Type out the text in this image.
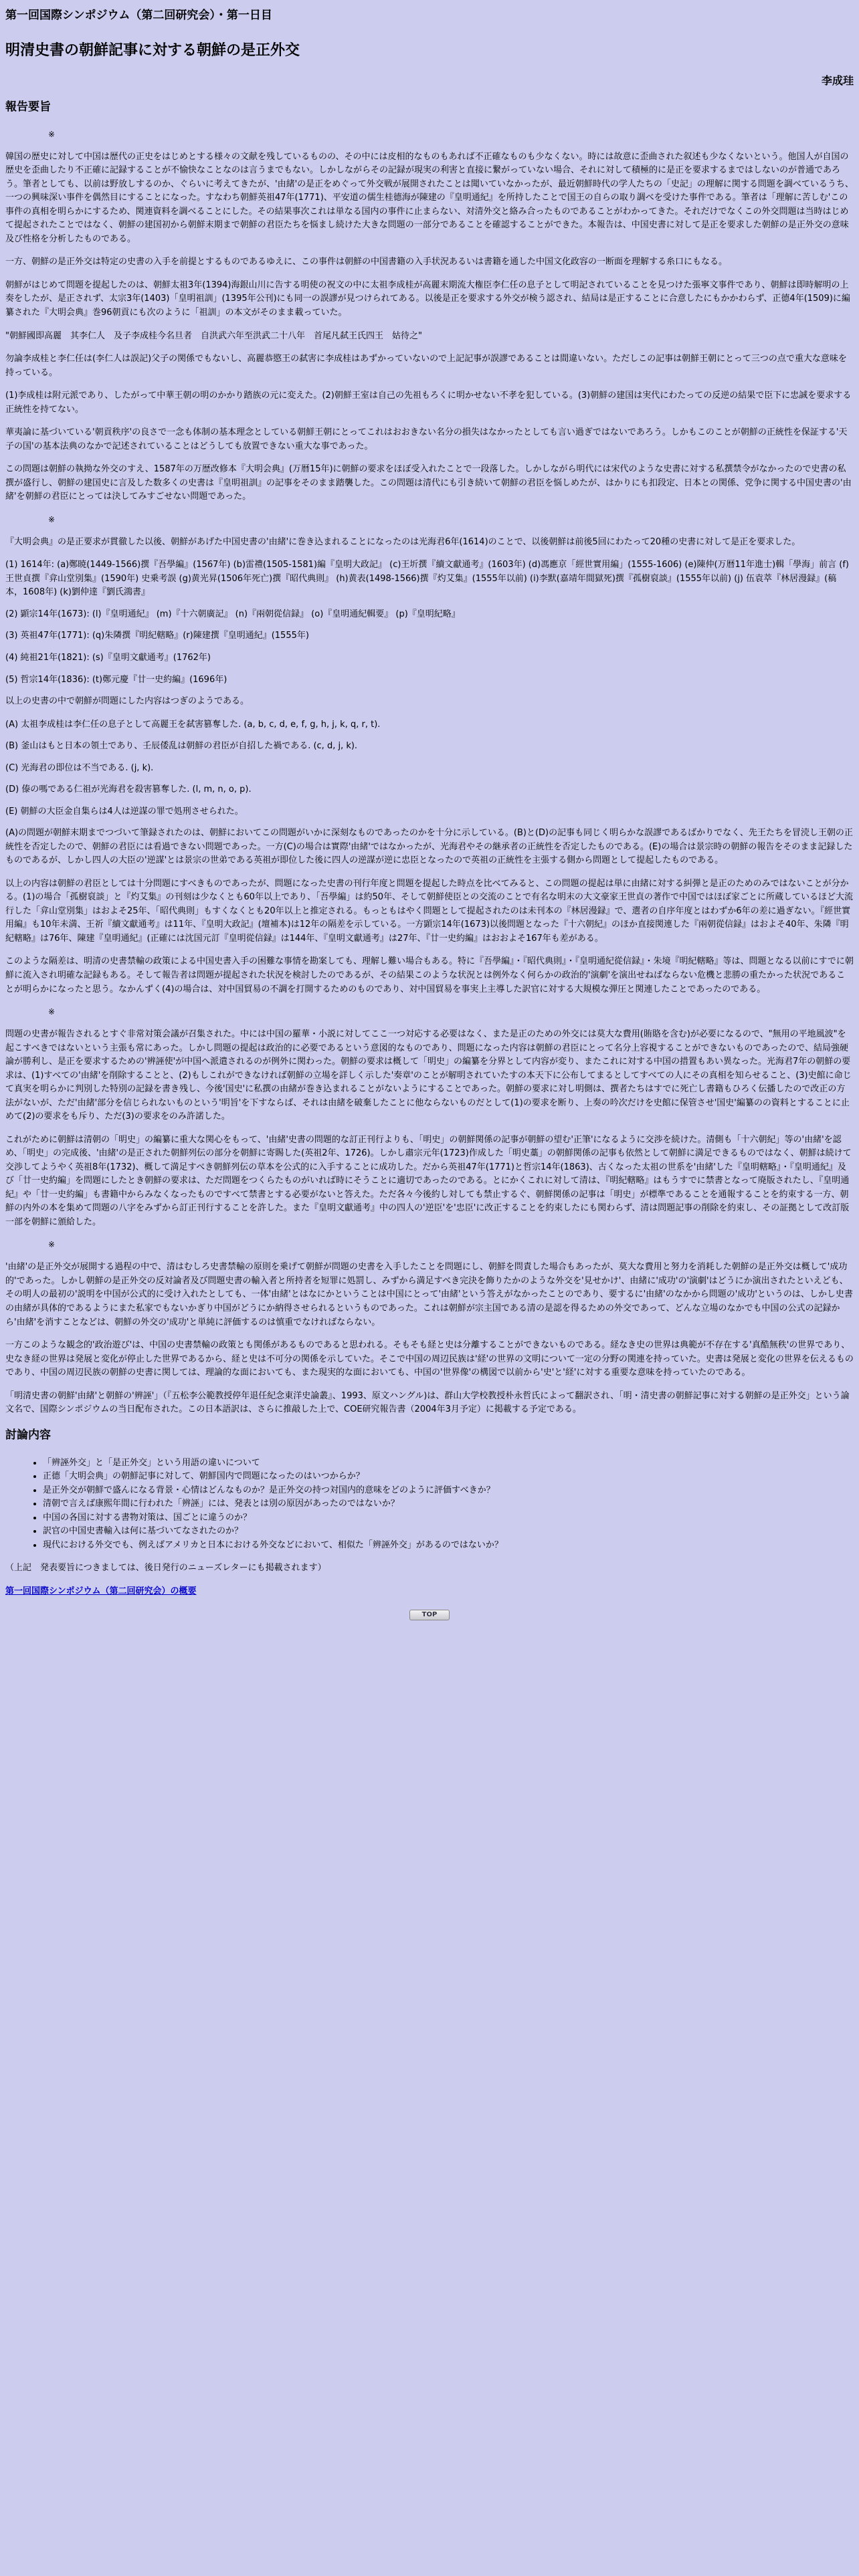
第一回国際シンポジウム（第二回研究会）・第一日目
明清史書の朝鮮記事に対する朝鮮の是正外交
李成珪
報告要旨
※

韓国の歴史に対して中国は歴代の正史をはじめとする様々の文献を残しているものの、その中には皮相的なものもあれば不正確なものも少なくない。時には故意に歪曲された叙述も少なくないという。他国人が自国の歴史を歪曲したり不正確に記録することが不愉快なことなのは言うまでもない。しかしながらその記録が現実の利害と直接に繋がっていない場合、それに対して積極的に是正を要求するまではしないのが普通であろう。筆者としても、以前は野放しするのか、ぐらいに考えてきたが、'由緒'の是正をめぐって外交戦が展開されたことは聞いていなかったが、最近朝鮮時代の学人たちの「史記」の理解に関する問題を調べているうち、一つの興味深い事件を偶然目にすることになった。すなわち朝鮮英祖47年(1771)、平安道の儒生桂德海が陳建の『皇明通紀』を所持したことで国王の自らの取り調べを受けた事件である。筆者は「理解に苦しむ'この事件の真相を明らかにするため、関連資料を調べることにした。その結果事次これは単なる国内の事件に止まらない、対清外交と絡み合ったものであることがわかってきた。それだけでなくこの外交問題は当時はじめて提起されたことではなく、朝鮮の建国初から朝鮮末期まで朝鮮の君臣たちを悩まし続けた大きな問題の一部分であることを確認することができた。本報告は、中国史書に対して是正を要求した朝鮮の是正外交の意味及び性格を分析したものである。

一方、朝鮮の是正外交は特定の史書の入手を前提とするものであるゆえに、この事件は朝鮮の中国書籍の入手状況あるいは書籍を通した中国文化政容の一断面を理解する糸口にもなる。

朝鮮がはじめて問題を提起したのは、朝鮮太祖3年(1394)海銀山川に告する明使の祝文の中に太祖李成桂が高麗末期流大権臣李仁任の息子として明記されていることを見つけた張寧文事件であり、朝鮮は即時解明の上奏をしたが、是正されず、太宗3年(1403)「皇明祖訓」(1395年公刊)にも同一の誤謬が見つけられてある。以後是正を要求する外交が検う認され、結局は是正することに合意したにもかかわらず、正德4年(1509)に編纂された『大明会典』巻96朝貢にも次のように「祖訓」の本文がそのまま載っていた。

"朝鮮國即高麗　其李仁人　及子李成桂今名旦者　自洪武六年至洪武二十八年　首尾凡弑王氏四王　姑待之"

勿論李成桂と李仁任は(李仁人は誤記)父子の関係でもないし、高麗恭愍王の弑害に李成桂はあずかっていないので上記記事が誤謬であることは間違いない。ただしこの記事は朝鮮王朝にとって三つの点で重大な意味を持っている。

(1)李成桂は附元派であり、したがって中華王朝の明のかかり踏族の元に変えた。(2)朝鮮王室は自己の先祖もろくに明かせない不孝を犯している。(3)朝鮮の建国は実代にわたっての反逆の結果で臣下に忠誠を要求する正統性を持てない。

華夷論に基づいている'朝貢秩序'の良さで一念も体制の基本理念としている朝鮮王朝にとってこれはおおきない名分の損失はなかったとしても言い過ぎではないであろう。しかもこのことが朝鮮の正統性を保証する'天子の国'の基本法典のなかで記述されていることはどうしても放置できない重大な事であった。

この問題は朝鮮の執拗な外交のすえ、1587年の万歴改修本『大明会典』(万暦15年)に朝鮮の要求をほぼ受入れたことで一段落した。しかしながら明代には宋代のような史書に対する私撰禁令がなかったので史書の私撰が盛行し、朝鮮の建国史に言及した数多くの史書は『皇明祖訓』の記事をそのまま踏襲した。この問題は清代にも引き続いて朝鮮の君臣を悩しめたが、はかりにも扣段定、日本との関係、党争に関する中国史書の'由緒'を朝鮮の君臣にとっては決してみすごせない問題であった。

※

『大明会典』の是正要求が貫徹した以後、朝鮮があげた中国史書の'由緒'に巻き込まれることになったのは光海君6年(1614)のことで、以後朝鮮は前後5回にわたって20種の史書に対して是正を要求した。

(1) 1614年: (a)鄭暁(1449-1566)撰『吾學編』(1567年) (b)雷禮(1505-1581)編『皇明大政記』 (c)王圻撰『續文獻通考』(1603年) (d)馮應京「經世實用編」(1555-1606) (e)陳仲(万暦11年進士)輯「學海」前言 (f)王世貞撰『弇山堂別集』(1590年) 史乗考誤 (g)黄光昇(1506年死亡)撰『昭代典則』 (h)黄表(1498-1566)撰『灼艾集』(1555年以前) (i)李默(嘉靖年間獄死)撰『孤樹裒談』(1555年以前) (j) 伍袁萃『林居漫録』(稿本，1608年) (k)劉仲達『劉氏鴻書』

(2) 顕宗14年(1673): (l)『皇明通紀』 (m)『十六朝廣記』 (n)『兩朝從信録』 (o)『皇明通紀輯要』 (p)『皇明紀略』

(3) 英祖47年(1771): (q)朱隣撰『明紀轄略』(r)陳建撰『皇明通紀』(1555年)

(4) 純祖21年(1821): (s)『皇明文獻通考』(1762年)

(5) 哲宗14年(1836): (t)鄭元慶『廿一史約編』(1696年)

以上の史書の中で朝鮮が問題にした内容はつぎのようである。

(A) 太祖李成桂は李仁任の息子として高麗王を弑害篡奪した. (a, b, c, d, e, f, g, h, j, k, q, r, t).

(B) 釜山はもと日本の領土であり、壬辰倭乱は朝鮮の君臣が自招した禍である. (c, d, j, k).

(C) 光海君の即位は不当である. (j, k).

(D) 傣の嗎である仁祖が光海君を殺害篡奪した. (l, m, n, o, p).

(E) 朝鮮の大臣金自集らは4人は逆謀の罪で処刑させられた。

(A)の問題が朝鮮末期までつづいて筆録されたのは、朝鮮においてこの問題がいかに深刻なものであったのかを十分に示している。(B)と(D)の記事も同じく明らかな誤謬であるばかりでなく、先王たちを冒涜し王朝の正統性を否定したので、朝鮮の君臣には看過できない問題であった。一方(C)の場合は實際'由緒'ではなかったが、光海君やその継承者の正統性を否定したものである。(E)の場合は景宗時の朝鮮の報告をそのまま記録したものであるが、しかし四人の大臣の'逆謀'とは景宗の世弟である英祖が即位した後に四人の逆謀が逆に忠臣となったので英祖の正統性を主張する側から問題として提起したものである。

以上の内容は朝鮮の君臣としては十分問題にすべきものであったが、問題になった史書の刊行年度と問題を提起した時点を比べてみると、この問題の提起は単に由緒に対する糾弾と是正のためのみではないことが分かる。(1)の場合「孤樹裒談」と『灼艾集』の刊刻は少なくとも60年以上であり、「吾學編」は約50年、そして朝鮮使臣との交流のことで有名な明末の大文豪家王世貞の著作で中国ではほぼ家ごとに所蔵しているほど大流行した「弇山堂別集」はおよそ25年、「昭代典則」もすくなくとも20年以上と推定される。もっともはやく問題として提起されたのは未刊本の『林居漫録』で、選者の自序年度とはわずか6年の差に過ぎない。『經世實用編』も10年未満、王祈『續文獻通考』は11年、『皇明大政記』(壇補本)は12年の隔差を示している。一方顕宗14年(1673)以後問題となった『十六朝紀』のほか直接関連した『兩朝從信録』はおよそ40年、朱隣『明紀轄略』は76年、陳建『皇明通紀』(正確には沈国元訂『皇明從信録』は144年、『皇明文獻通考』は27年、『廿一史約編』はおおよそ167年も差がある。

このような隔差は、明清の史書禁輸の政策による中国史書入手の困難な事情を勘案しても、理解し難い場合もある。特に『吾學編』・『昭代典則』・『皇明通紀從信録』・朱境『明紀轄略』等は、問題となる以前にすでに朝鮮に流入され明確な記録もある。そして報告者は問題が提起された状況を検討したのであるが、その結果このような状況とは例外なく何らかの政治的'演劇'を演出せねばならない危機と悲勝の重たかった状況であることが明らかになったと思う。なかんずく(4)の場合は、対中国貿易の不調を打開するためのものであり、対中国貿易を事実上主導した訳官に対する大規模な弾圧と関連したことであったのである。

※

問題の史書が報告されるとすぐ非常対策会議が召集された。中には中国の羅華・小説に対してここ一つ対応する必要はなく、また是正のための外交には莫大な費用(賄賂を含む)が必要になるので、"無用の平地風波"を起こすべきではないという主張も常にあった。しかし問題の提起は政治的に必要であるという意図的なものであり、問題になった内容は朝鮮の君臣にとって名分上容視することができないものであったので、結局強硬論が勝利し、是正を要求するための'辨誣使'が中国へ派遣されるのが例外に関わった。朝鮮の要求は概して「明史」の編纂を分界として内容が変り、またこれに対する中国の措置もあい異なった。光海君7年の朝鮮の要求は、(1)すべての'由緒'を削除することと、(2)もしこれができなければ朝鮮の立場を詳しく示した'奏章'のことが解明されていたすの本天下に公布してまるとしてすべての人にその真相を知らせること、(3)史館に命じて真実を明らかに判別した特別の記録を書き残し、今後'国史'に私撰の由緒が巻き込まれることがないようにすることであった。朝鮮の要求に対し明側は、撰者たちはすでに死亡し書籍もひろく伝播したので改正の方法がないが、ただ'由緒'部分を信じられないものという'明旨'を下すならば、それは由緒を破棄したことに他ならないものだとして(1)の要求を断り、上奏の吟次だけを史館に保管させ'国史'編纂のの資料とすることに止めて(2)の要求をも斥り、ただ(3)の要求をのみ許諾した。

これがために朝鮮は清朝の「明史」の編纂に重大な関心をもって、'由緒'史書の問題的な訂正刊行よりも、「明史」の朝鮮関係の記事が朝鮮の望む'正筆'になるように交渉を続けた。清側も「十六朝紀」等の'由緒'を認め、「明史」の完成後、'由緒'の是正された朝鮮列伝の部分を朝鮮に寄賜した(英祖2年、1726)。しかし肅宗元年(1723)作成した「明史藁」の朝鮮関係の記事も依然として朝鮮に満足できるものではなく、朝鮮は続けて交渉してようやく英祖8年(1732)、概して満足すべき朝鮮列伝の草本を公式的に入手することに成功した。だから英祖47年(1771)と哲宗14年(1863)、古くなった太祖の世系を'由緒'した『皇明轄略』・『皇明通紀』及び「廿一史約編」を問題にしたとき朝鮮の要求は、ただ問題をつくらたものがいれば時にそうことに適切であったのである。とにかくこれに対して清は、『明紀轄略』はもうすでに禁書となって廃版されたし、『皇明通紀』や「廿一史約編」も書籍中からみなくなったものですべて禁書とする必要がないと答えた。ただ各々今後約し対しても禁止するぐ、朝鮮関係の記事は「明史」が標準であることを通報することを約束する一方、朝鮮の内外の本を集めて問題の八字をみずから訂正刊行することを許した。また『皇明文獻通考』中の四人の'逆臣'を'忠臣'に改正することを約束したにも関わらず、清は問題記事の削除を約束し、その証拠として改訂版一部を朝鮮に頒給した。

※

'由緒'の是正外交が展開する過程の中で、清はむしろ史書禁輸の原則を乗げて朝鮮が問題の史書を入手したことを問題にし、朝鮮を問責した場合もあったが、莫大な費用と努力を消耗した朝鮮の是正外交は概して'成功的'であった。しかし朝鮮の是正外交の反対論者及び問題史書の輸入者と所持者を短罪に処罰し、みずから満足すべき完決を飾りたかのような外交を'見せかけ'、由緒に'成功'の'演劇'はどうにか演出されたといえども、その明人の最初の'説明を中国が公式的に受け入れたとしても、一体'由緒'とはなにかということは中国にとって'由緒'という答えがなかったことのであり、要するに'由緒'のなかから問題の'成功'というのは、しかし史書の由緒が具体的であるようにまた私家でもないかぎり中国がどうにか納得させられるというものであった。これは朝鮮が宗主国である清の是認を得るための外交であって、どんな立場のなかでも中国の公式の記録から'由緒'を消すことなどは、朝鮮の外交の'成功'と単純に評価するのは慎重でなければならない。

一方このような観念的'政治遊び'は、中国の史書禁輸の政策とも関係があるものであると思われる。そもそも経と史は分離することができないものである。経なき史の世界は典範が不存在する'真酷無秩'の世界であり、史なき経の世界は発展と変化が停止した世界であるから、経と史は不可分の関係を示していた。そこで中国の周辺民族は'経'の世界の文明について一定の分野の関連を持っていた。史書は発展と変化の世界を伝えるものであり、中国の周辺民族の朝鮮の史書に関しては、理論的な面においても、また現実的な面においても、中国の'世界像'の構図で以前から'史'と'経'に対する重要な意味を持っていたのである。

「明清史書の朝鮮'由緒'と朝鮮の'辨誣'」（『五松李公範教授停年退任紀念東洋史論叢』、1993、原文ハングル)は、群山大学校教授朴永哲氏によって翻訳され、「明・清史書の朝鮮記事に対する朝鮮の是正外交」という論文名で、国際シンポジウムの当日配布された。この日本語訳は、さらに推敲した上で、COE研究報告書（2004年3月予定）に掲載する予定である。

討論内容
• 「辨誣外交」と「是正外交」という用語の違いについて
• 正德「大明会典」の朝鮮記事に対して、朝鮮国内で問題になったのはいつからか？
• 是正外交が朝鮮で盛んになる背景・心情はどんなものか？是正外交の持つ対国内的意味をどのように評価すべきか？
• 清朝で言えば康熙年間に行われた「辨誣」には、発表とは別の原因があったのではないか？
• 中国の各国に対する書物対策は、国ごとに違うのか？
• 訳官の中国史書輸入は何に基づいてなされたのか？
• 現代における外交でも、例えばアメリカと日本における外交などにおいて、相似た「辨誣外交」があるのではないか？

（上記　発表要旨につきましては、後日発行のニューズレターにも掲載されます）

第一回国際シンポジウム（第二回研究会）の概要

TOP
